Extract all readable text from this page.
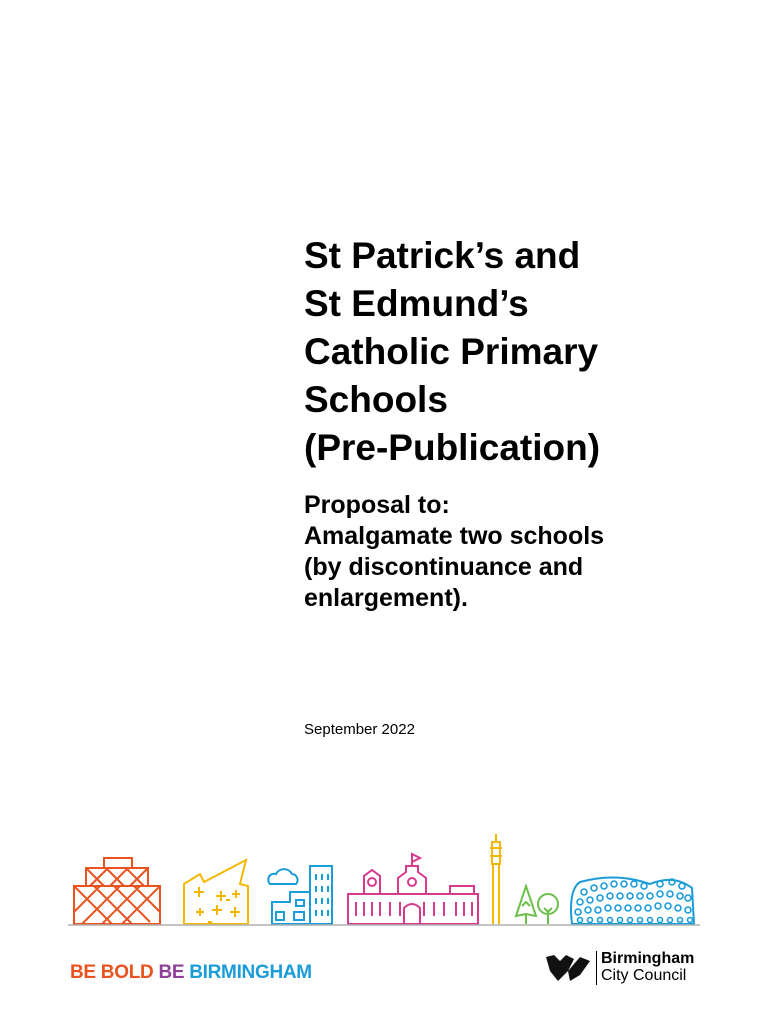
St Patrick’s and
St Edmund’s
Catholic Primary
Schools
(Pre-Publication)
Proposal to:
Amalgamate two schools
(by discontinuance and
enlargement).
September 2022
BE BOLD BE BIRMINGHAM
Birmingham
City Council
